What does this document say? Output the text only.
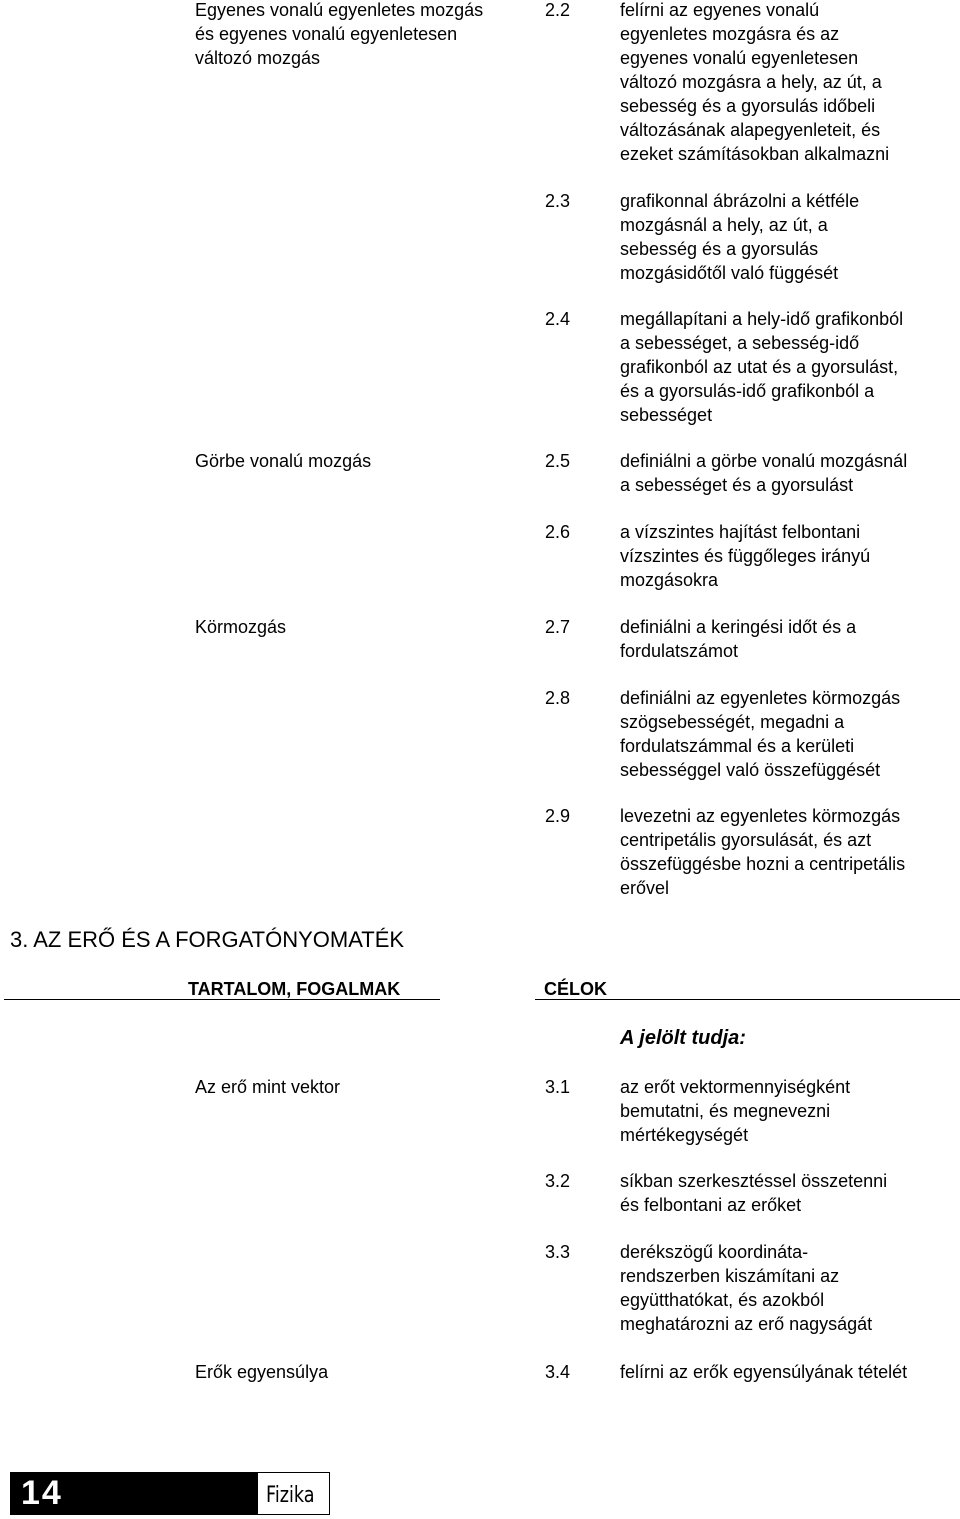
Egyenes vonalú egyenletes mozgás
és egyenes vonalú egyenletesen
változó mozgás
2.2	felírni az egyenes vonalú
egyenletes mozgásra és az
egyenes vonalú egyenletesen
változó mozgásra a hely, az út, a
sebesség és a gyorsulás időbeli
változásának alapegyenleteit, és
ezeket számításokban alkalmazni
2.3	grafikonnal ábrázolni a kétféle
mozgásnál a hely, az út, a
sebesség és a gyorsulás
mozgásidőtől való függését
2.4	megállapítani a hely-idő grafikonból
a sebességet, a sebesség-idő
grafikonból az utat és a gyorsulást,
és a gyorsulás-idő grafikonból a
sebességet
Görbe vonalú mozgás	2.5	definiálni a görbe vonalú mozgásnál
a sebességet és a gyorsulást
2.6	a vízszintes hajítást felbontani
vízszintes és függőleges irányú
mozgásokra
Körmozgás	2.7	definiálni a keringési időt és a
fordulatszámot
2.8	definiálni az egyenletes körmozgás
szögsebességét, megadni a
fordulatszámmal és a kerületi
sebességgel való összefüggését
2.9	levezetni az egyenletes körmozgás
centripetális gyorsulását, és azt
összefüggésbe hozni a centripetális
erővel
3. AZ ERŐ ÉS A FORGATÓNYOMATÉK
TARTALOM, FOGALMAK	CÉLOK
A jelölt tudja:
Az erő mint vektor	3.1	az erőt vektormennyiségként
bemutatni, és megnevezni
mértékegységét
3.2	síkban szerkesztéssel összetenni
és felbontani az erőket
3.3	derékszögű koordináta-
rendszerben kiszámítani az
együtthatókat, és azokból
meghatározni az erő nagyságát
Erők egyensúlya	3.4	felírni az erők egyensúlyának tételét
14	Fizika
